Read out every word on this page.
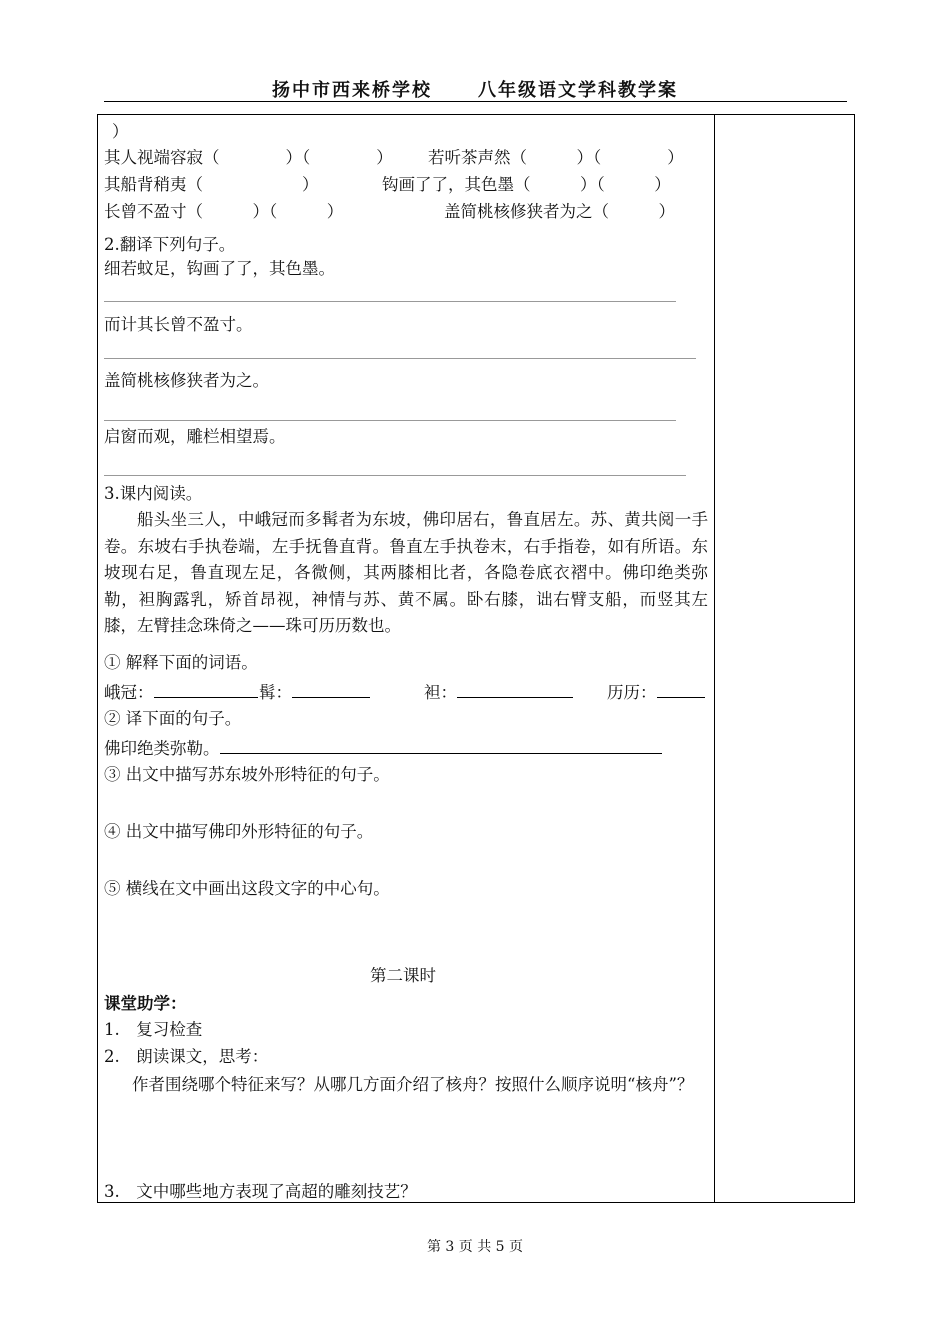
扬中市西来桥学校	八年级语文学科教学案
）
其人视端容寂（　　　　）（　　　　） 若听茶声然（　　　）（　　　　）
其船背稍夷（　　　　　　）	钩画了了，其色墨（　　　）（　　　）
长曾不盈寸（　　　）（　　　）	盖简桃核修狭者为之（　　　）
2.翻译下列句子。
细若蚊足，钩画了了，其色墨。
而计其长曾不盈寸。
盖简桃核修狭者为之。
启窗而观，雕栏相望焉。
3.课内阅读。
船头坐三人，中峨冠而多髯者为东坡，佛印居右，鲁直居左。苏、黄共阅一手卷。东坡右手执卷端，左手抚鲁直背。鲁直左手执卷末，右手指卷，如有所语。东坡现右足，鲁直现左足，各微侧，其两膝相比者，各隐卷底衣褶中。佛印绝类弥勒，袒胸露乳，矫首昂视，神情与苏、黄不属。卧右膝，诎右臂支船，而竖其左膝，左臂挂念珠倚之——珠可历历数也。
① 解释下面的词语。
峨冠：	髯：	袒：	历历：
② 译下面的句子。
佛印绝类弥勒。
③ 出文中描写苏东坡外形特征的句子。
④ 出文中描写佛印外形特征的句子。
⑤ 横线在文中画出这段文字的中心句。
第二课时
课堂助学：
1.　复习检查
2.　朗读课文，思考：
作者围绕哪个特征来写？从哪几方面介绍了核舟？按照什么顺序说明“核舟”？
3.　文中哪些地方表现了高超的雕刻技艺？
第 3 页 共 5 页
